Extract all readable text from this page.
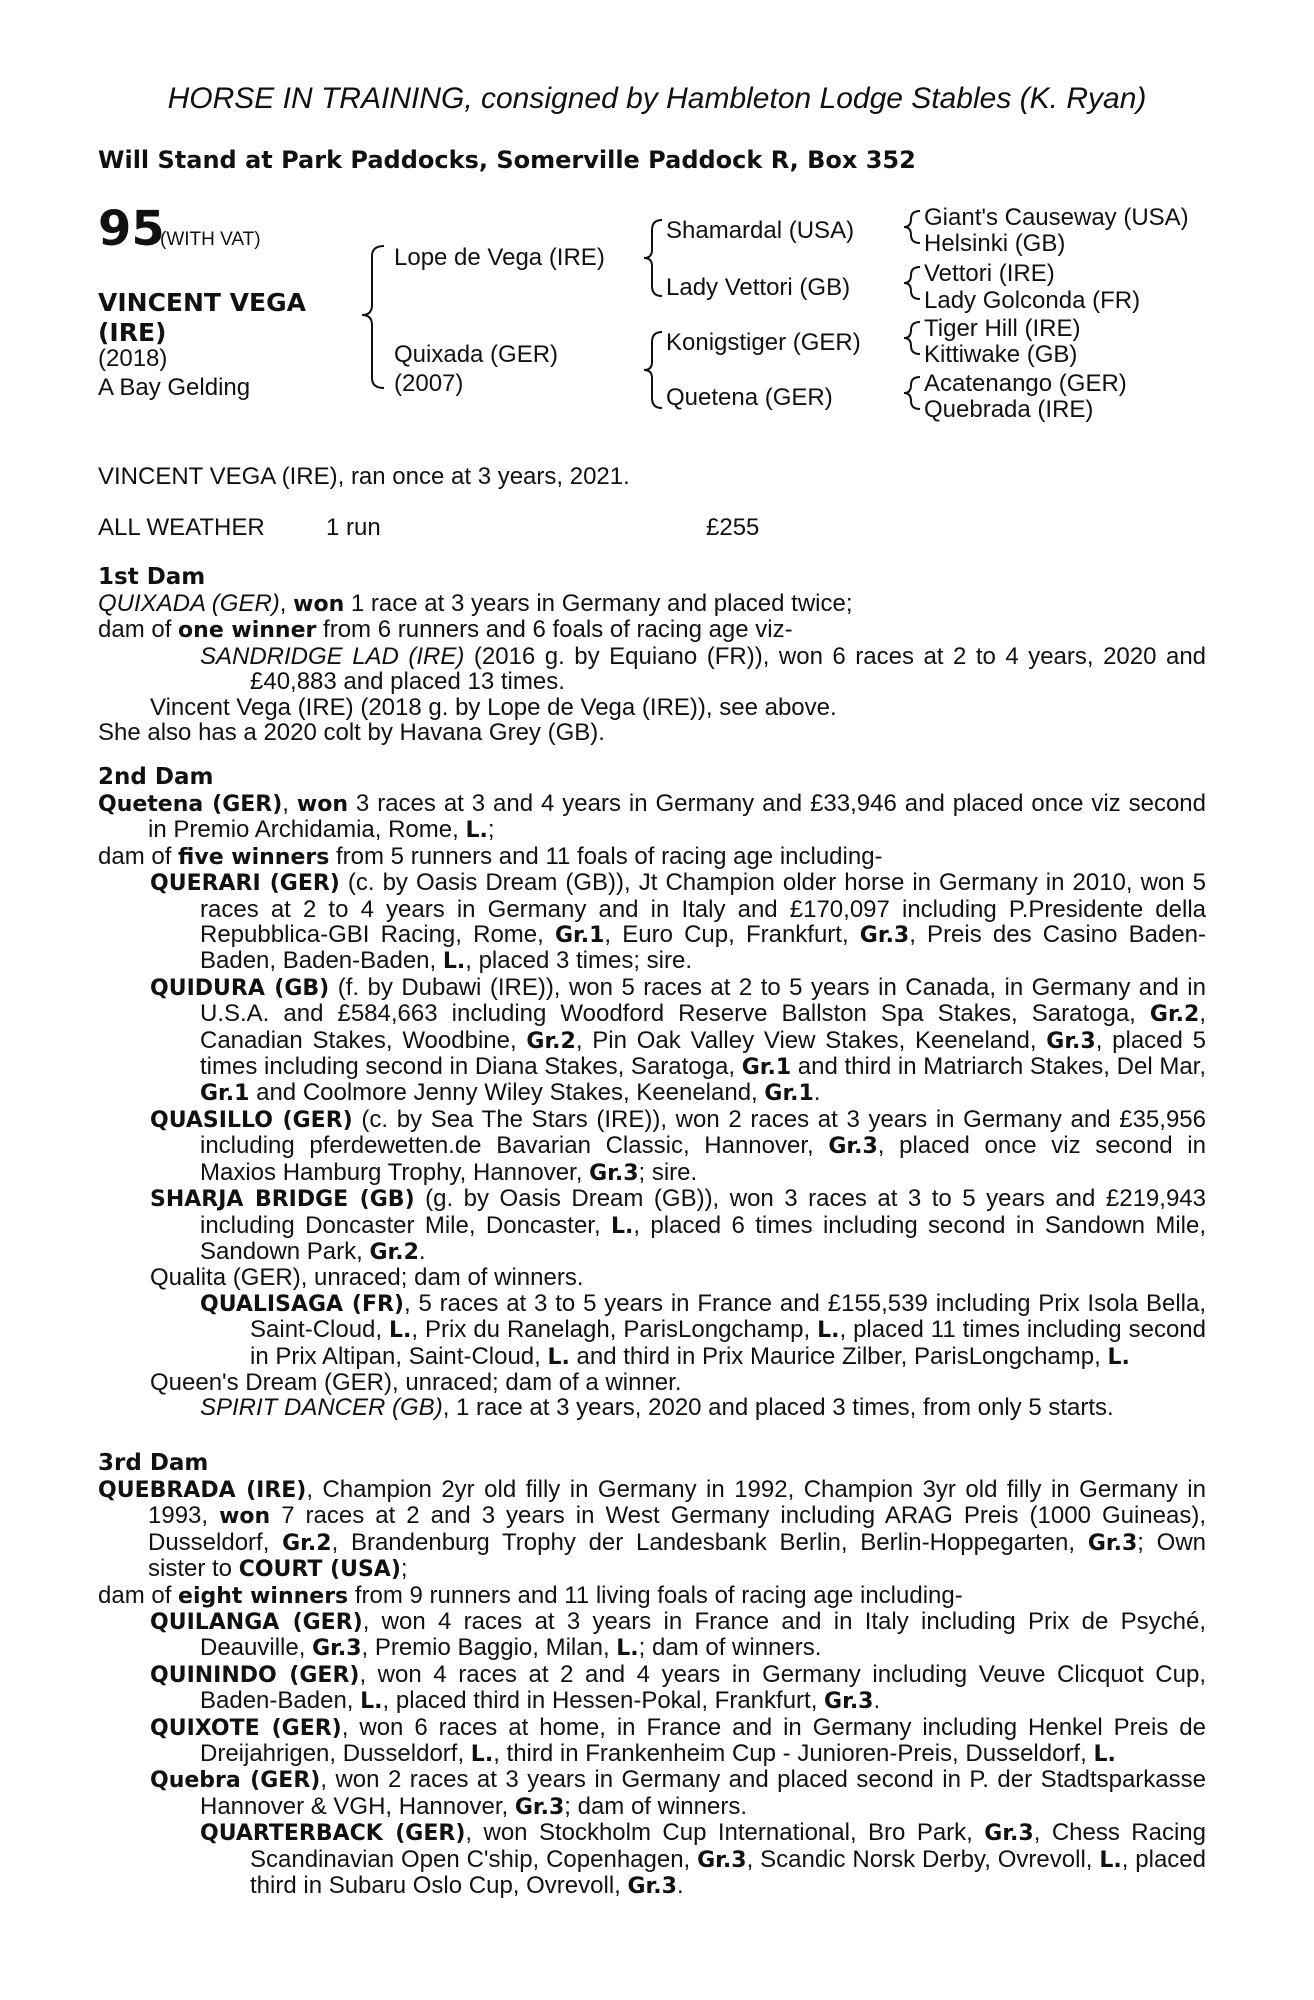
HORSE IN TRAINING, consigned by Hambleton Lodge Stables (K. Ryan)
Will Stand at Park Paddocks, Somerville Paddock R, Box 352
95
(WITH VAT)
VINCENT VEGA
(IRE)
(2018)
A Bay Gelding
Lope de Vega (IRE)
Quixada (GER)
(2007)
Shamardal (USA)
Lady Vettori (GB)
Konigstiger (GER)
Quetena (GER)
Giant's Causeway (USA)
Helsinki (GB)
Vettori (IRE)
Lady Golconda (FR)
Tiger Hill (IRE)
Kittiwake (GB)
Acatenango (GER)
Quebrada (IRE)
VINCENT VEGA (IRE), ran once at 3 years, 2021.
ALL WEATHER	1 run	£255
1st Dam

QUIXADA (GER), won 1 race at 3 years in Germany and placed twice;

dam of one winner from 6 runners and 6 foals of racing age viz-

SANDRIDGE LAD (IRE) (2016 g. by Equiano (FR)), won 6 races at 2 to 4 years, 2020 and £40,883 and placed 13 times.

Vincent Vega (IRE) (2018 g. by Lope de Vega (IRE)), see above.

She also has a 2020 colt by Havana Grey (GB).

2nd Dam

Quetena (GER), won 3 races at 3 and 4 years in Germany and £33,946 and placed once viz second in Premio Archidamia, Rome, L.;

dam of five winners from 5 runners and 11 foals of racing age including-

QUERARI (GER) (c. by Oasis Dream (GB)), Jt Champion older horse in Germany in 2010, won 5 races at 2 to 4 years in Germany and in Italy and £170,097 including P.Presidente della Repubblica-GBI Racing, Rome, Gr.1, Euro Cup, Frankfurt, Gr.3, Preis des Casino Baden-Baden, Baden-Baden, L., placed 3 times; sire.

QUIDURA (GB) (f. by Dubawi (IRE)), won 5 races at 2 to 5 years in Canada, in Germany and in U.S.A. and £584,663 including Woodford Reserve Ballston Spa Stakes, Saratoga, Gr.2, Canadian Stakes, Woodbine, Gr.2, Pin Oak Valley View Stakes, Keeneland, Gr.3, placed 5 times including second in Diana Stakes, Saratoga, Gr.1 and third in Matriarch Stakes, Del Mar, Gr.1 and Coolmore Jenny Wiley Stakes, Keeneland, Gr.1.

QUASILLO (GER) (c. by Sea The Stars (IRE)), won 2 races at 3 years in Germany and £35,956 including pferdewetten.de Bavarian Classic, Hannover, Gr.3, placed once viz second in Maxios Hamburg Trophy, Hannover, Gr.3; sire.

SHARJA BRIDGE (GB) (g. by Oasis Dream (GB)), won 3 races at 3 to 5 years and £219,943 including Doncaster Mile, Doncaster, L., placed 6 times including second in Sandown Mile, Sandown Park, Gr.2.

Qualita (GER), unraced; dam of winners.

QUALISAGA (FR), 5 races at 3 to 5 years in France and £155,539 including Prix Isola Bella, Saint-Cloud, L., Prix du Ranelagh, ParisLongchamp, L., placed 11 times including second in Prix Altipan, Saint-Cloud, L. and third in Prix Maurice Zilber, ParisLongchamp, L.

Queen's Dream (GER), unraced; dam of a winner.

SPIRIT DANCER (GB), 1 race at 3 years, 2020 and placed 3 times, from only 5 starts.

3rd Dam

QUEBRADA (IRE), Champion 2yr old filly in Germany in 1992, Champion 3yr old filly in Germany in 1993, won 7 races at 2 and 3 years in West Germany including ARAG Preis (1000 Guineas), Dusseldorf, Gr.2, Brandenburg Trophy der Landesbank Berlin, Berlin-Hoppegarten, Gr.3; Own sister to COURT (USA);

dam of eight winners from 9 runners and 11 living foals of racing age including-

QUILANGA (GER), won 4 races at 3 years in France and in Italy including Prix de Psyché, Deauville, Gr.3, Premio Baggio, Milan, L.; dam of winners.

QUININDO (GER), won 4 races at 2 and 4 years in Germany including Veuve Clicquot Cup, Baden-Baden, L., placed third in Hessen-Pokal, Frankfurt, Gr.3.

QUIXOTE (GER), won 6 races at home, in France and in Germany including Henkel Preis de Dreijahrigen, Dusseldorf, L., third in Frankenheim Cup - Junioren-Preis, Dusseldorf, L.

Quebra (GER), won 2 races at 3 years in Germany and placed second in P. der Stadtsparkasse Hannover & VGH, Hannover, Gr.3; dam of winners.

QUARTERBACK (GER), won Stockholm Cup International, Bro Park, Gr.3, Chess Racing Scandinavian Open C'ship, Copenhagen, Gr.3, Scandic Norsk Derby, Ovrevoll, L., placed third in Subaru Oslo Cup, Ovrevoll, Gr.3.
